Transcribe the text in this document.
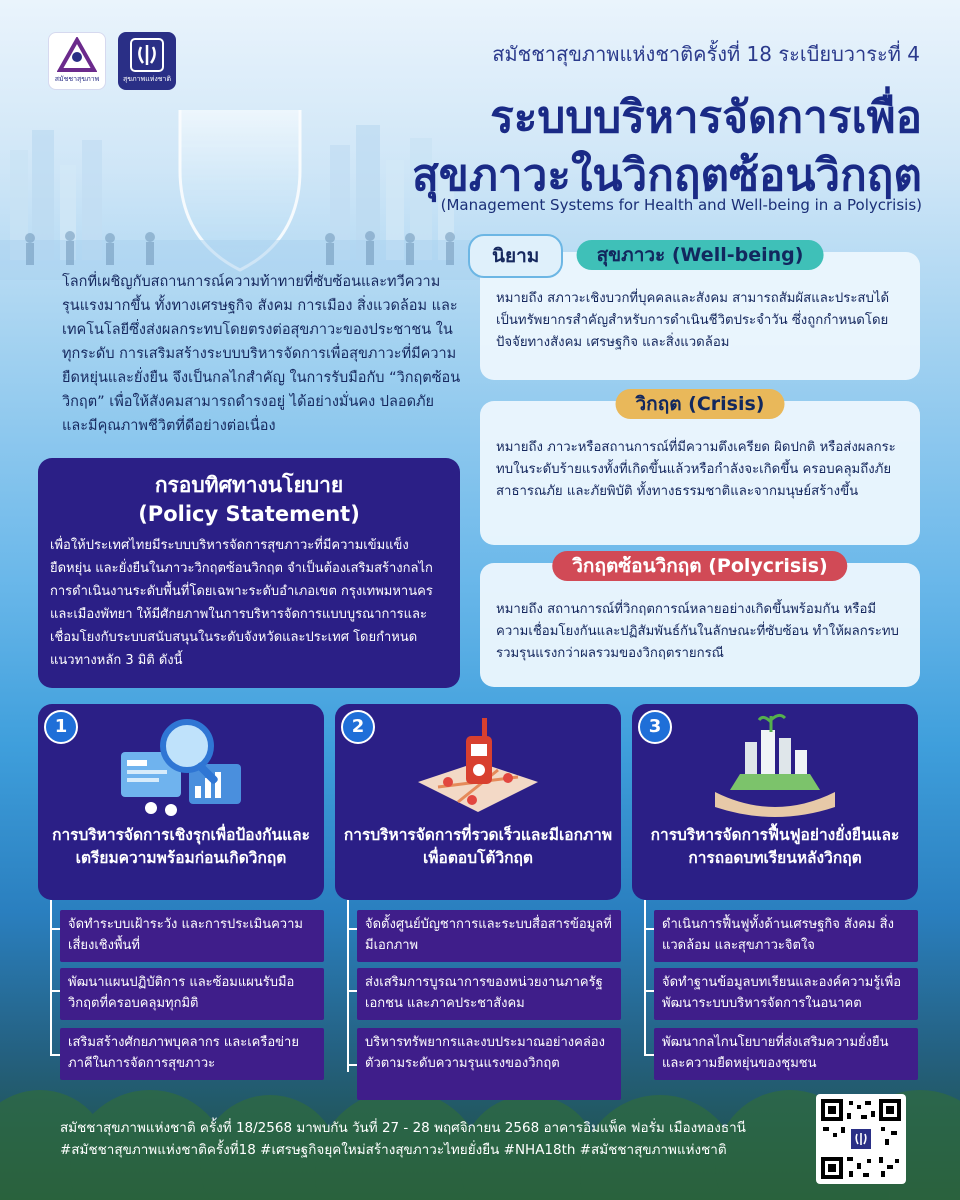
สมัชชาสุขภาพ	สุขภาพแห่งชาติ
สมัชชาสุขภาพแห่งชาติครั้งที่ 18 ระเบียบวาระที่ 4
ระบบบริหารจัดการเพื่อ
สุขภาวะในวิกฤตซ้อนวิกฤต
(Management Systems for Health and Well-being in a Polycrisis)
โลกที่เผชิญกับสถานการณ์ความท้าทายที่ซับซ้อนและทวีความรุนแรงมากขึ้น ทั้งทางเศรษฐกิจ สังคม การเมือง สิ่งแวดล้อม และเทคโนโลยีซึ่งส่งผลกระทบโดยตรงต่อสุขภาวะของประชาชน ในทุกระดับ การเสริมสร้างระบบบริหารจัดการเพื่อสุขภาวะที่มีความยืดหยุ่นและยั่งยืน จึงเป็นกลไกสำคัญ ในการรับมือกับ “วิกฤตซ้อนวิกฤต” เพื่อให้สังคมสามารถดำรงอยู่ ได้อย่างมั่นคง ปลอดภัย และมีคุณภาพชีวิตที่ดีอย่างต่อเนื่อง
นิยาม	สุขภาวะ (Well-being)
หมายถึง สภาวะเชิงบวกที่บุคคลและสังคม สามารถสัมผัสและประสบได้ เป็นทรัพยากรสำคัญสำหรับการดำเนินชีวิตประจำวัน ซึ่งถูกกำหนดโดยปัจจัยทางสังคม เศรษฐกิจ และสิ่งแวดล้อม
วิกฤต (Crisis)
หมายถึง ภาวะหรือสถานการณ์ที่มีความตึงเครียด ผิดปกติ หรือส่งผลกระทบในระดับร้ายแรงทั้งที่เกิดขึ้นแล้วหรือกำลังจะเกิดขึ้น ครอบคลุมถึงภัย สาธารณภัย และภัยพิบัติ ทั้งทางธรรมชาติและจากมนุษย์สร้างขึ้น
วิกฤตซ้อนวิกฤต (Polycrisis)
หมายถึง สถานการณ์ที่วิกฤตการณ์หลายอย่างเกิดขึ้นพร้อมกัน หรือมีความเชื่อมโยงกันและปฏิสัมพันธ์กันในลักษณะที่ซับซ้อน ทำให้ผลกระทบรวมรุนแรงกว่าผลรวมของวิกฤตรายกรณี
กรอบทิศทางนโยบาย
(Policy Statement)
เพื่อให้ประเทศไทยมีระบบบริหารจัดการสุขภาวะที่มีความเข้มแข็ง ยืดหยุ่น และยั่งยืนในภาวะวิกฤตซ้อนวิกฤต จำเป็นต้องเสริมสร้างกลไกการดำเนินงานระดับพื้นที่โดยเฉพาะระดับอำเภอเขต กรุงเทพมหานคร และเมืองพัทยา ให้มีศักยภาพในการบริหารจัดการแบบบูรณาการและเชื่อมโยงกับระบบสนับสนุนในระดับจังหวัดและประเทศ โดยกำหนดแนวทางหลัก 3 มิติ ดังนี้
1
การบริหารจัดการเชิงรุกเพื่อป้องกันและเตรียมความพร้อมก่อนเกิดวิกฤต
2
การบริหารจัดการที่รวดเร็วและมีเอกภาพเพื่อตอบโต้วิกฤต
3
การบริหารจัดการฟื้นฟูอย่างยั่งยืนและการถอดบทเรียนหลังวิกฤต
จัดทำระบบเฝ้าระวัง และการประเมินความเสี่ยงเชิงพื้นที่
พัฒนาแผนปฏิบัติการ และซ้อมแผนรับมือวิกฤตที่ครอบคลุมทุกมิติ
เสริมสร้างศักยภาพบุคลากร และเครือข่ายภาคีในการจัดการสุขภาวะ
จัดตั้งศูนย์บัญชาการและระบบสื่อสารข้อมูลที่มีเอกภาพ
ส่งเสริมการบูรณาการของหน่วยงานภาครัฐ เอกชน และภาคประชาสังคม
บริหารทรัพยากรและงบประมาณอย่างคล่องตัวตามระดับความรุนแรงของวิกฤต
ดำเนินการฟื้นฟูทั้งด้านเศรษฐกิจ สังคม สิ่งแวดล้อม และสุขภาวะจิตใจ
จัดทำฐานข้อมูลบทเรียนและองค์ความรู้เพื่อพัฒนาระบบบริหารจัดการในอนาคต
พัฒนากลไกนโยบายที่ส่งเสริมความยั่งยืนและความยืดหยุ่นของชุมชน
สมัชชาสุขภาพแห่งชาติ ครั้งที่ 18/2568 มาพบกัน วันที่ 27 - 28 พฤศจิกายน 2568 อาคารอิมแพ็ค ฟอรั่ม เมืองทองธานี
#สมัชชาสุขภาพแห่งชาติครั้งที่18 #เศรษฐกิจยุคใหม่สร้างสุขภาวะไทยยั่งยืน #NHA18th #สมัชชาสุขภาพแห่งชาติ
